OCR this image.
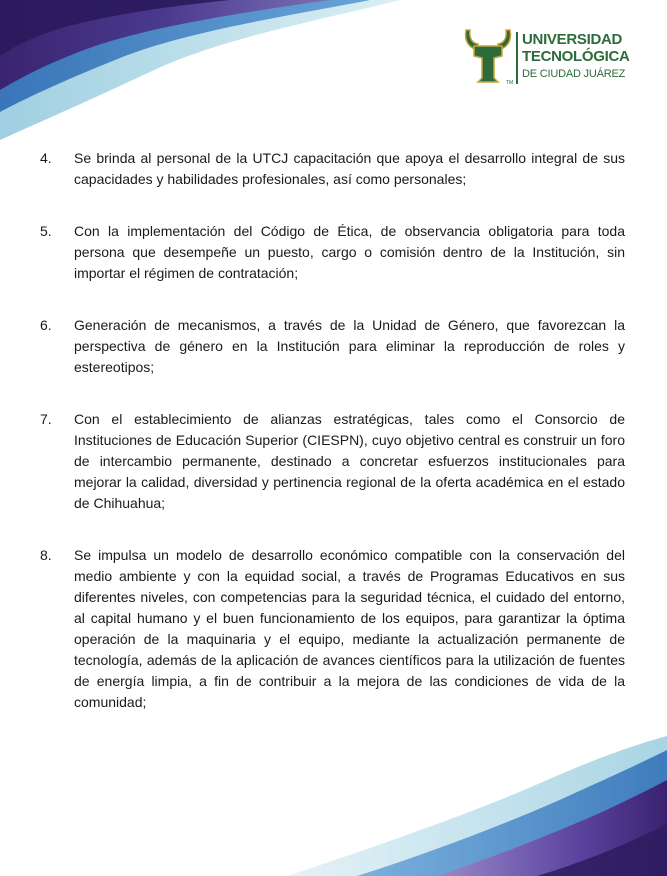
TM
UNIVERSIDAD
TECNOLÓGICA
DE CIUDAD JUÁREZ
4.	Se brinda al personal de la UTCJ capacitación que apoya el desarrollo integral de sus capacidades y habilidades profesionales, así como personales;
5.	Con la implementación del Código de Ética, de observancia obligatoria para toda persona que desempeñe un puesto, cargo o comisión dentro de la Institución, sin importar el régimen de contratación;
6.	Generación de mecanismos, a través de la Unidad de Género, que favorezcan la perspectiva de género en la Institución para eliminar la reproducción de roles y estereotipos;
7.	Con el establecimiento de alianzas estratégicas, tales como el Consorcio de Instituciones de Educación Superior (CIESPN), cuyo objetivo central es construir un foro de intercambio permanente, destinado a concretar esfuerzos institucionales para mejorar la calidad, diversidad y pertinencia regional de la oferta académica en el estado de Chihuahua;
8.	Se impulsa un modelo de desarrollo económico compatible con la conservación del medio ambiente y con la equidad social, a través de Programas Educativos en sus diferentes niveles, con competencias para la seguridad técnica, el cuidado del entorno, al capital humano y el buen funcionamiento de los equipos, para garantizar la óptima operación de la maquinaria y el equipo, mediante la actualización permanente de tecnología, además de la aplicación de avances científicos para la utilización de fuentes de energía limpia, a fin de contribuir a la mejora de las condiciones de vida de la comunidad;
